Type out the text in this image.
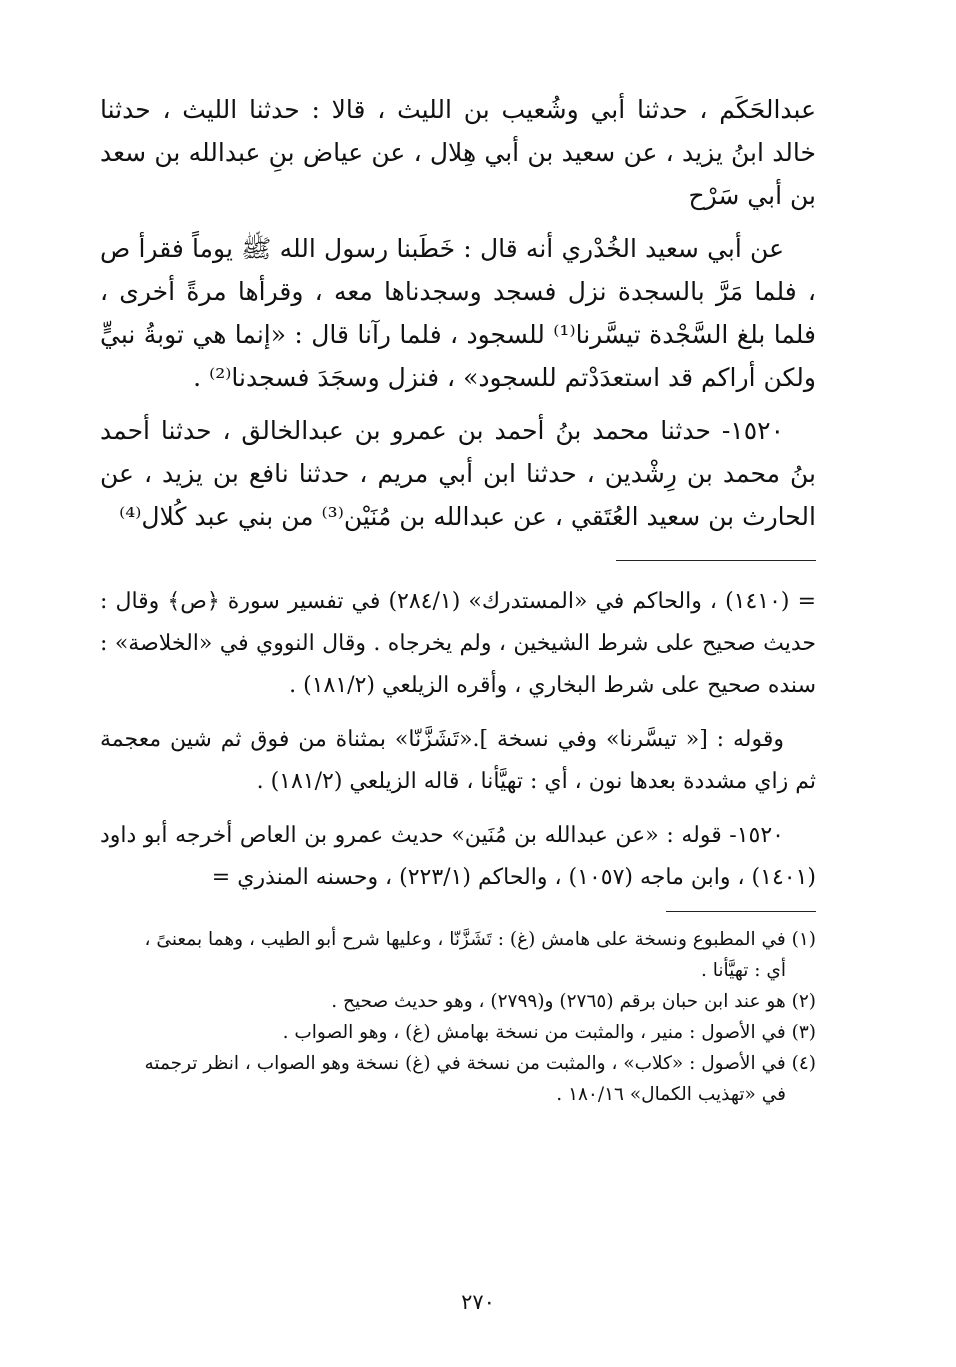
عبدالحَكَم ، حدثنا أبي وشُعيب بن الليث ، قالا : حدثنا الليث ، حدثنا خالد ابنُ يزيد ، عن سعيد بن أبي هِلال ، عن عياض بنِ عبدالله بن سعد بن أبي سَرْح

عن أبي سعيد الخُدْري أنه قال : خَطَبنا رسول الله ﷺ يوماً فقرأ ص ، فلما مَرَّ بالسجدة نزل فسجد وسجدناها معه ، وقرأها مرةً أخرى ، فلما بلغ السَّجْدة تيسَّرنا⁽¹⁾ للسجود ، فلما رآنا قال : «إنما هي توبةُ نبيٍّ ولكن أراكم قد استعدَدْتم للسجود» ، فنزل وسجَدَ فسجدنا⁽²⁾ .

١٥٢٠- حدثنا محمد بنُ أحمد بن عمرو بن عبدالخالق ، حدثنا أحمد بنُ محمد بن رِشْدين ، حدثنا ابن أبي مريم ، حدثنا نافع بن يزيد ، عن الحارث بن سعيد العُتَقي ، عن عبدالله بن مُنَيْن⁽³⁾ من بني عبد كُلال⁽⁴⁾

= (١٤١٠) ، والحاكم في «المستدرك» (٢٨٤/١) في تفسير سورة ﴿ص﴾ وقال : حديث صحيح على شرط الشيخين ، ولم يخرجاه . وقال النووي في «الخلاصة» : سنده صحيح على شرط البخاري ، وأقره الزيلعي (١٨١/٢) .

وقوله : [« تيسَّرنا» وفي نسخة ].«تَشَزَّنّا» بمثناة من فوق ثم شين معجمة ثم زاي مشددة بعدها نون ، أي : تهيَّأنا ، قاله الزيلعي (١٨١/٢) .

١٥٢٠- قوله : «عن عبدالله بن مُنَين» حديث عمرو بن العاص أخرجه أبو داود (١٤٠١) ، وابن ماجه (١٠٥٧) ، والحاكم (٢٢٣/١) ، وحسنه المنذري =

(١) في المطبوع ونسخة على هامش (غ) : تَشَزَّنّا ، وعليها شرح أبو الطيب ، وهما بمعنىً ،

أي : تهيَّأنا .

(٢) هو عند ابن حبان برقم (٢٧٦٥) و(٢٧٩٩) ، وهو حديث صحيح .

(٣) في الأصول : منير ، والمثبت من نسخة بهامش (غ) ، وهو الصواب .

(٤) في الأصول : «كلاب» ، والمثبت من نسخة في (غ) نسخة وهو الصواب ، انظر ترجمته

في «تهذيب الكمال» ١٨٠/١٦ .

٢٧٠
